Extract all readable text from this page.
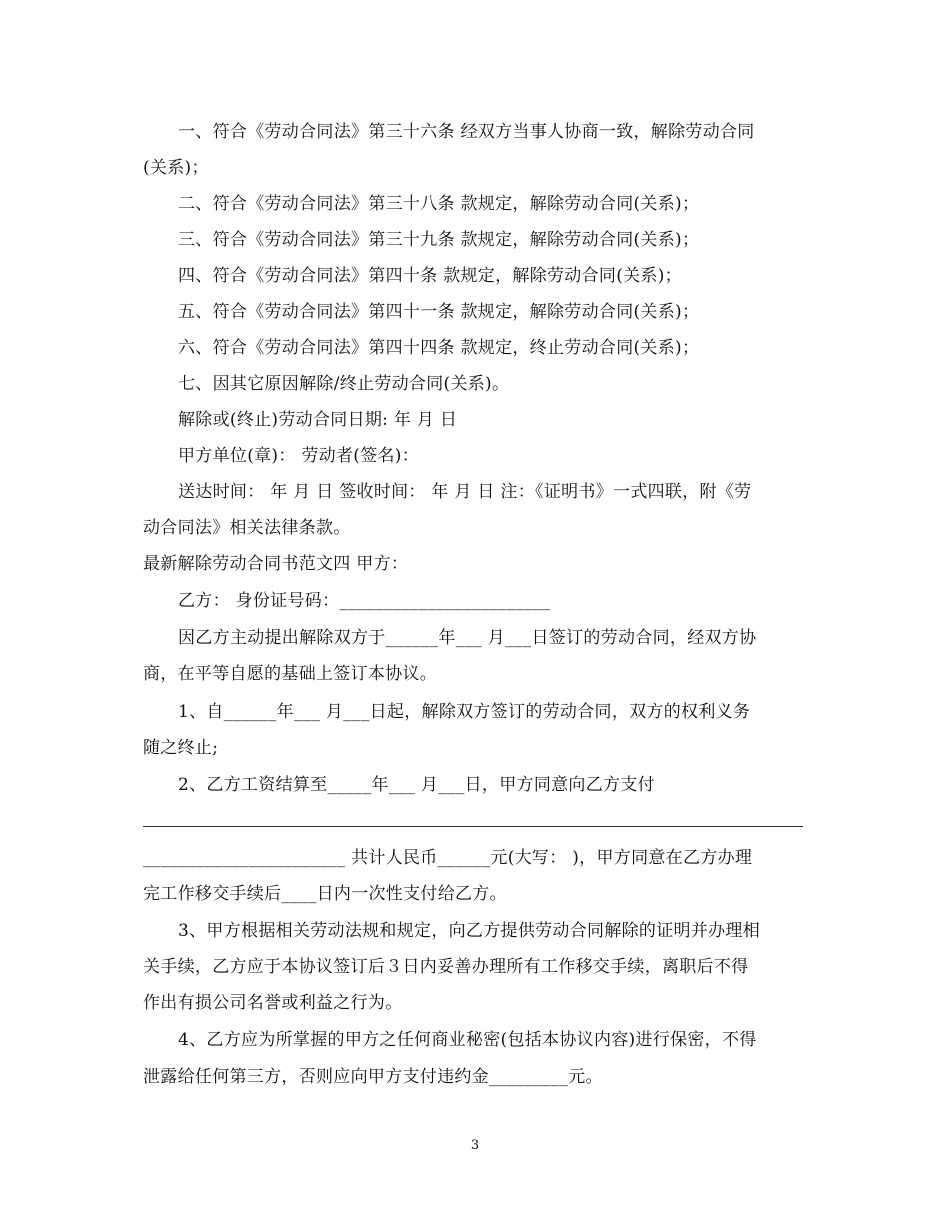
一、符合《劳动合同法》第三十六条 经双方当事人协商一致，解除劳动合同
(关系)；
二、符合《劳动合同法》第三十八条 款规定，解除劳动合同(关系)；
三、符合《劳动合同法》第三十九条 款规定，解除劳动合同(关系)；
四、符合《劳动合同法》第四十条 款规定，解除劳动合同(关系)；
五、符合《劳动合同法》第四十一条 款规定，解除劳动合同(关系)；
六、符合《劳动合同法》第四十四条 款规定，终止劳动合同(关系)；
七、因其它原因解除/终止劳动合同(关系)。
解除或(终止)劳动合同日期: 年 月 日
甲方单位(章)： 劳动者(签名)：
送达时间： 年 月 日 签收时间： 年 月 日 注：《证明书》一式四联，附《劳
动合同法》相关法律条款。
最新解除劳动合同书范文四 甲方：
乙方： 身份证号码：________________________
因乙方主动提出解除双方于______年___ 月___日签订的劳动合同，经双方协
商，在平等自愿的基础上签订本协议。
1、自______年___ 月___日起，解除双方签订的劳动合同，双方的权利义务
随之终止;
2、乙方工资结算至_____年___ 月___日，甲方同意向乙方支付
_______________________ 共计人民币______元(大写： )，甲方同意在乙方办理
完工作移交手续后____日内一次性支付给乙方。
3、甲方根据相关劳动法规和规定，向乙方提供劳动合同解除的证明并办理相
关手续，乙方应于本协议签订后３日内妥善办理所有工作移交手续，离职后不得
作出有损公司名誉或利益之行为。
4、乙方应为所掌握的甲方之任何商业秘密(包括本协议内容)进行保密，不得
泄露给任何第三方，否则应向甲方支付违约金_________元。
3
